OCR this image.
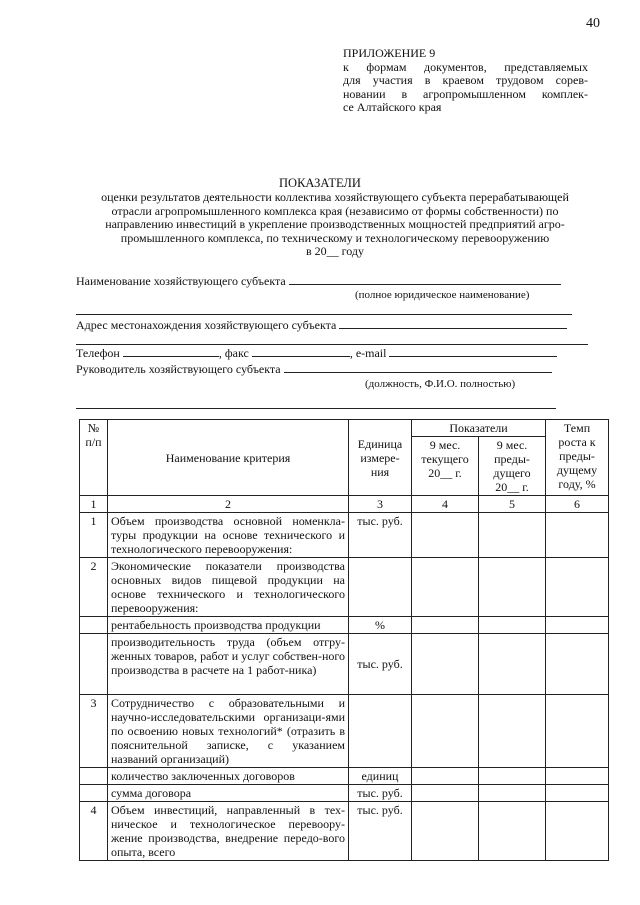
40
ПРИЛОЖЕНИЕ 9
к формам документов, представляемых
для участия в краевом трудовом сорев-
новании в агропромышленном комплек-
се Алтайского края
ПОКАЗАТЕЛИ
оценки результатов деятельности коллектива хозяйствующего субъекта перерабатывающей
отрасли агропромышленного комплекса края (независимо от формы собственности) по
направлению инвестиций в укрепление производственных мощностей предприятий агро-
промышленного комплекса, по техническому и технологическому перевооружению
в 20__ году
Наименование хозяйствующего субъекта
(полное юридическое наименование)
Адрес местонахождения хозяйствующего субъекта
Телефон	, факс	, e-mail
Руководитель хозяйствующего субъекта
(должность, Ф.И.О. полностью)
№ п/п	Наименование критерия	Единица измере-ния	Показатели		Темп роста к преды-дущему году, %
			9 мес. текущего 20__ г.	9 мес. преды-дущего 20__ г.	
1	2	3	4	5	6
1	Объем производства основной номенкла-туры продукции на основе технического и технологического перевооружения:	тыс. руб.			
2	Экономические показатели производства основных видов пищевой продукции на основе технического и технологического перевооружения:				
	рентабельность производства продукции	%			
	производительность труда (объем отгру-женных товаров, работ и услуг собствен-ного производства в расчете на 1 работ-ника)	тыс. руб.			
3	Сотрудничество с образовательными и научно-исследовательскими организаци-ями по освоению новых технологий* (отразить в пояснительной записке, с указанием названий организаций)				
	количество заключенных договоров	единиц			
	сумма договора	тыс. руб.			
4	Объем инвестиций, направленный в тех-ническое и технологическое перевоору-жение производства, внедрение передо-вого опыта, всего	тыс. руб.			
